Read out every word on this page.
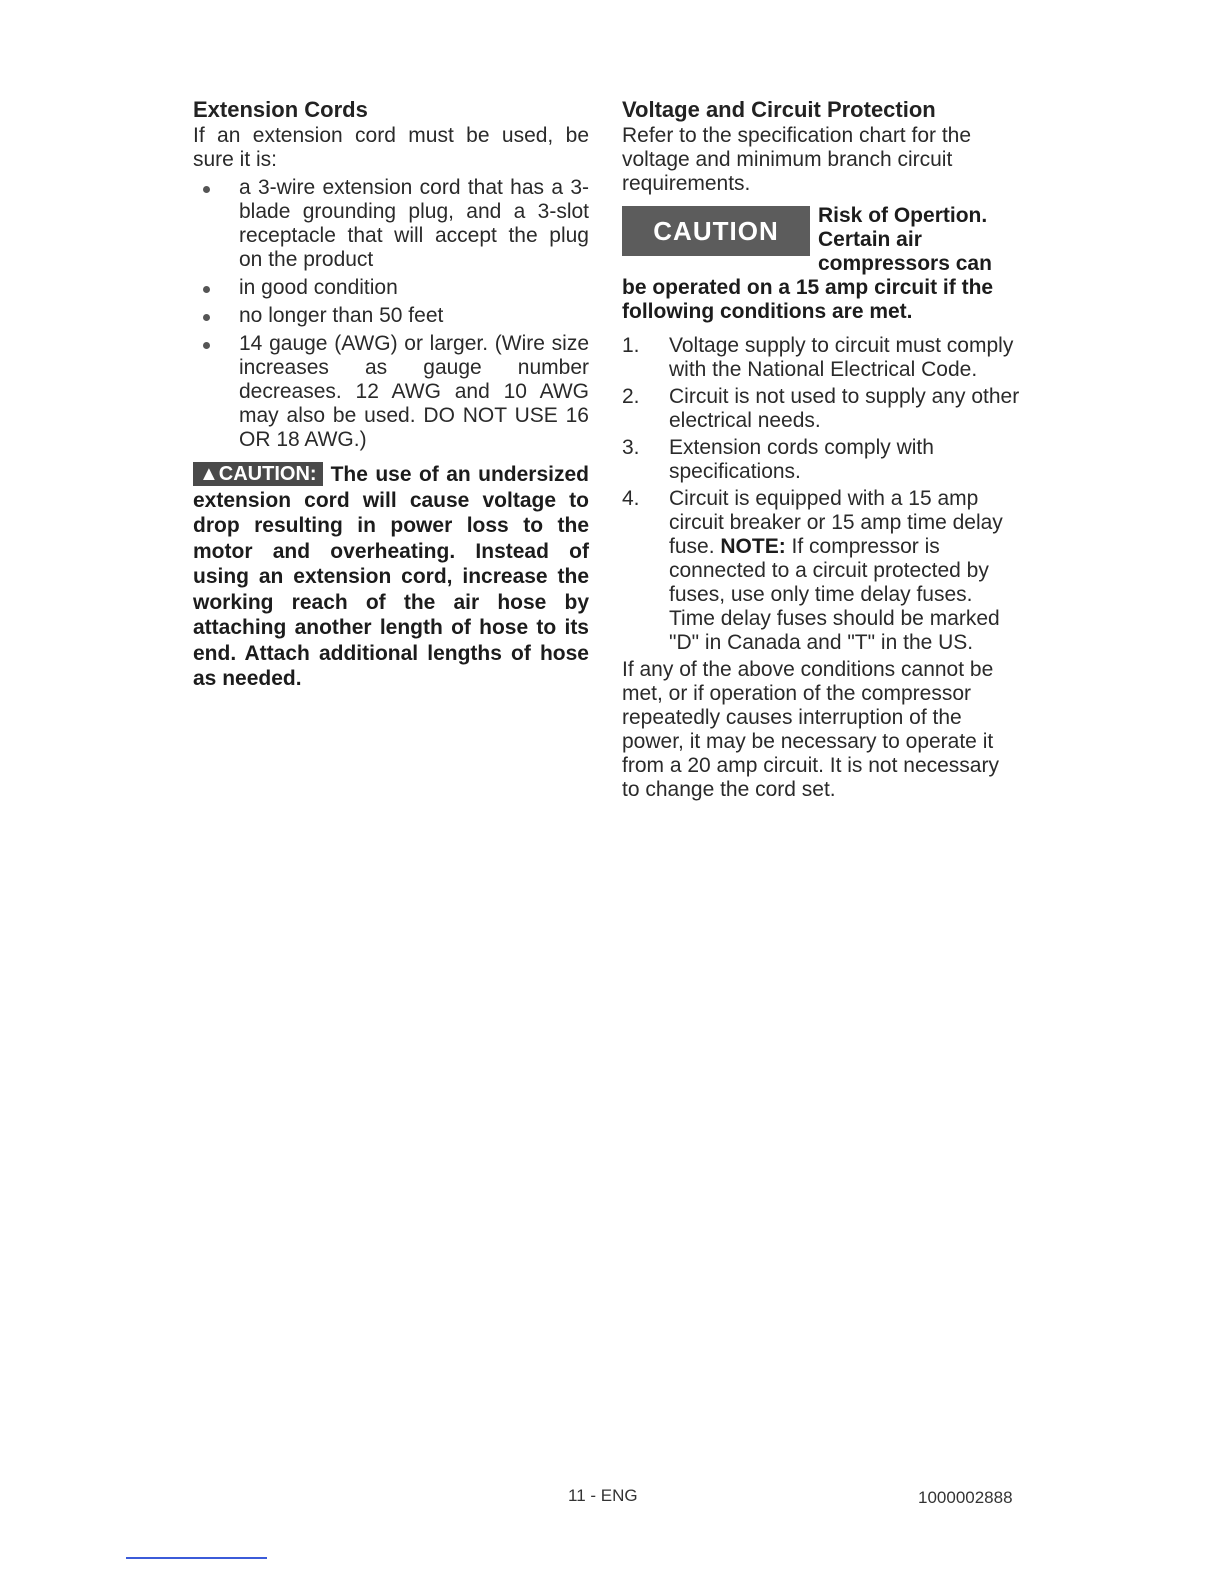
Extension Cords

If an extension cord must be used, be sure it is:

a 3-wire extension cord that has a 3-blade grounding plug, and a 3-slot receptacle that will accept the plug on the product
in good condition
no longer than 50 feet
14 gauge (AWG) or larger. (Wire size increases as gauge number decreases. 12 AWG and 10 AWG may also be used. DO NOT USE 16 OR 18 AWG.)
▲CAUTION: The use of an undersized extension cord will cause voltage to drop resulting in power loss to the motor and overheating. Instead of using an extension cord, increase the working reach of the air hose by attaching another length of hose to its end. Attach additional lengths of hose as needed.
Voltage and Circuit Protection

Refer to the specification chart for the voltage and minimum branch circuit requirements.

CAUTION
Risk of Opertion. Certain air compressors can be operated on a 15 amp circuit if the following conditions are met.
1. Voltage supply to circuit must comply with the National Electrical Code.
2. Circuit is not used to supply any other electrical needs.
3. Extension cords comply with specifications.
4. Circuit is equipped with a 15 amp circuit breaker or 15 amp time delay fuse. NOTE: If compressor is connected to a circuit protected by fuses, use only time delay fuses. Time delay fuses should be marked "D" in Canada and "T" in the US.

If any of the above conditions cannot be met, or if operation of the compressor repeatedly causes interruption of the power, it may be necessary to operate it from a 20 amp circuit. It is not necessary to change the cord set.

11 - ENG	1000002888
